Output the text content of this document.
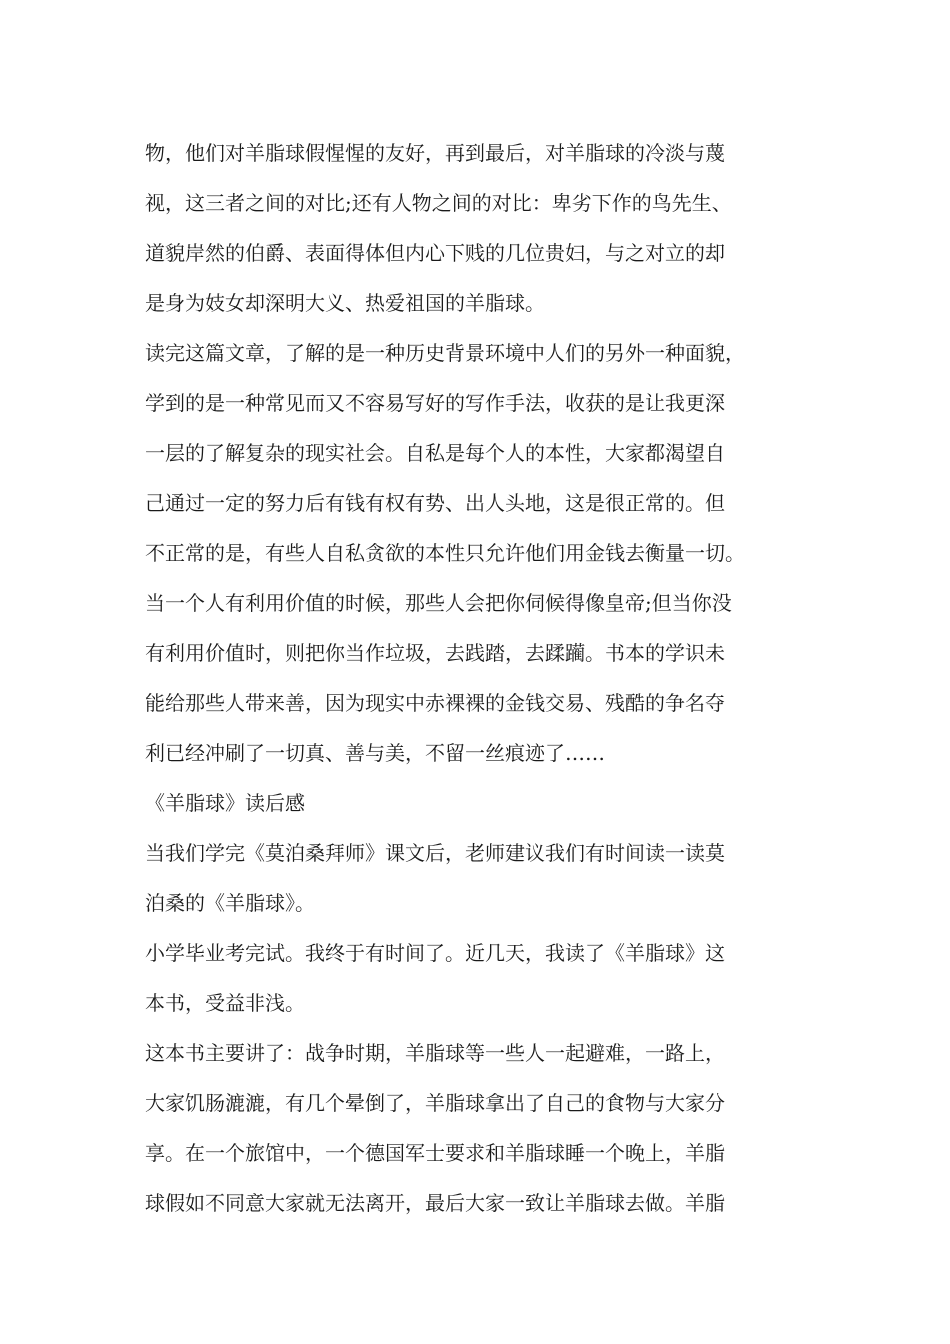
物，他们对羊脂球假惺惺的友好，再到最后，对羊脂球的冷淡与蔑
视，这三者之间的对比;还有人物之间的对比：卑劣下作的鸟先生、
道貌岸然的伯爵、表面得体但内心下贱的几位贵妇，与之对立的却
是身为妓女却深明大义、热爱祖国的羊脂球。
读完这篇文章，了解的是一种历史背景环境中人们的另外一种面貌，
学到的是一种常见而又不容易写好的写作手法，收获的是让我更深
一层的了解复杂的现实社会。自私是每个人的本性，大家都渴望自
己通过一定的努力后有钱有权有势、出人头地，这是很正常的。但
不正常的是，有些人自私贪欲的本性只允许他们用金钱去衡量一切。
当一个人有利用价值的时候，那些人会把你伺候得像皇帝;但当你没
有利用价值时，则把你当作垃圾，去践踏，去蹂躏。书本的学识未
能给那些人带来善，因为现实中赤裸裸的金钱交易、残酷的争名夺
利已经冲刷了一切真、善与美，不留一丝痕迹了……
《羊脂球》读后感
当我们学完《莫泊桑拜师》课文后，老师建议我们有时间读一读莫
泊桑的《羊脂球》。
小学毕业考完试。我终于有时间了。近几天，我读了《羊脂球》这
本书，受益非浅。
这本书主要讲了：战争时期，羊脂球等一些人一起避难，一路上，
大家饥肠漉漉，有几个晕倒了，羊脂球拿出了自己的食物与大家分
享。在一个旅馆中，一个德国军士要求和羊脂球睡一个晚上，羊脂
球假如不同意大家就无法离开，最后大家一致让羊脂球去做。羊脂
